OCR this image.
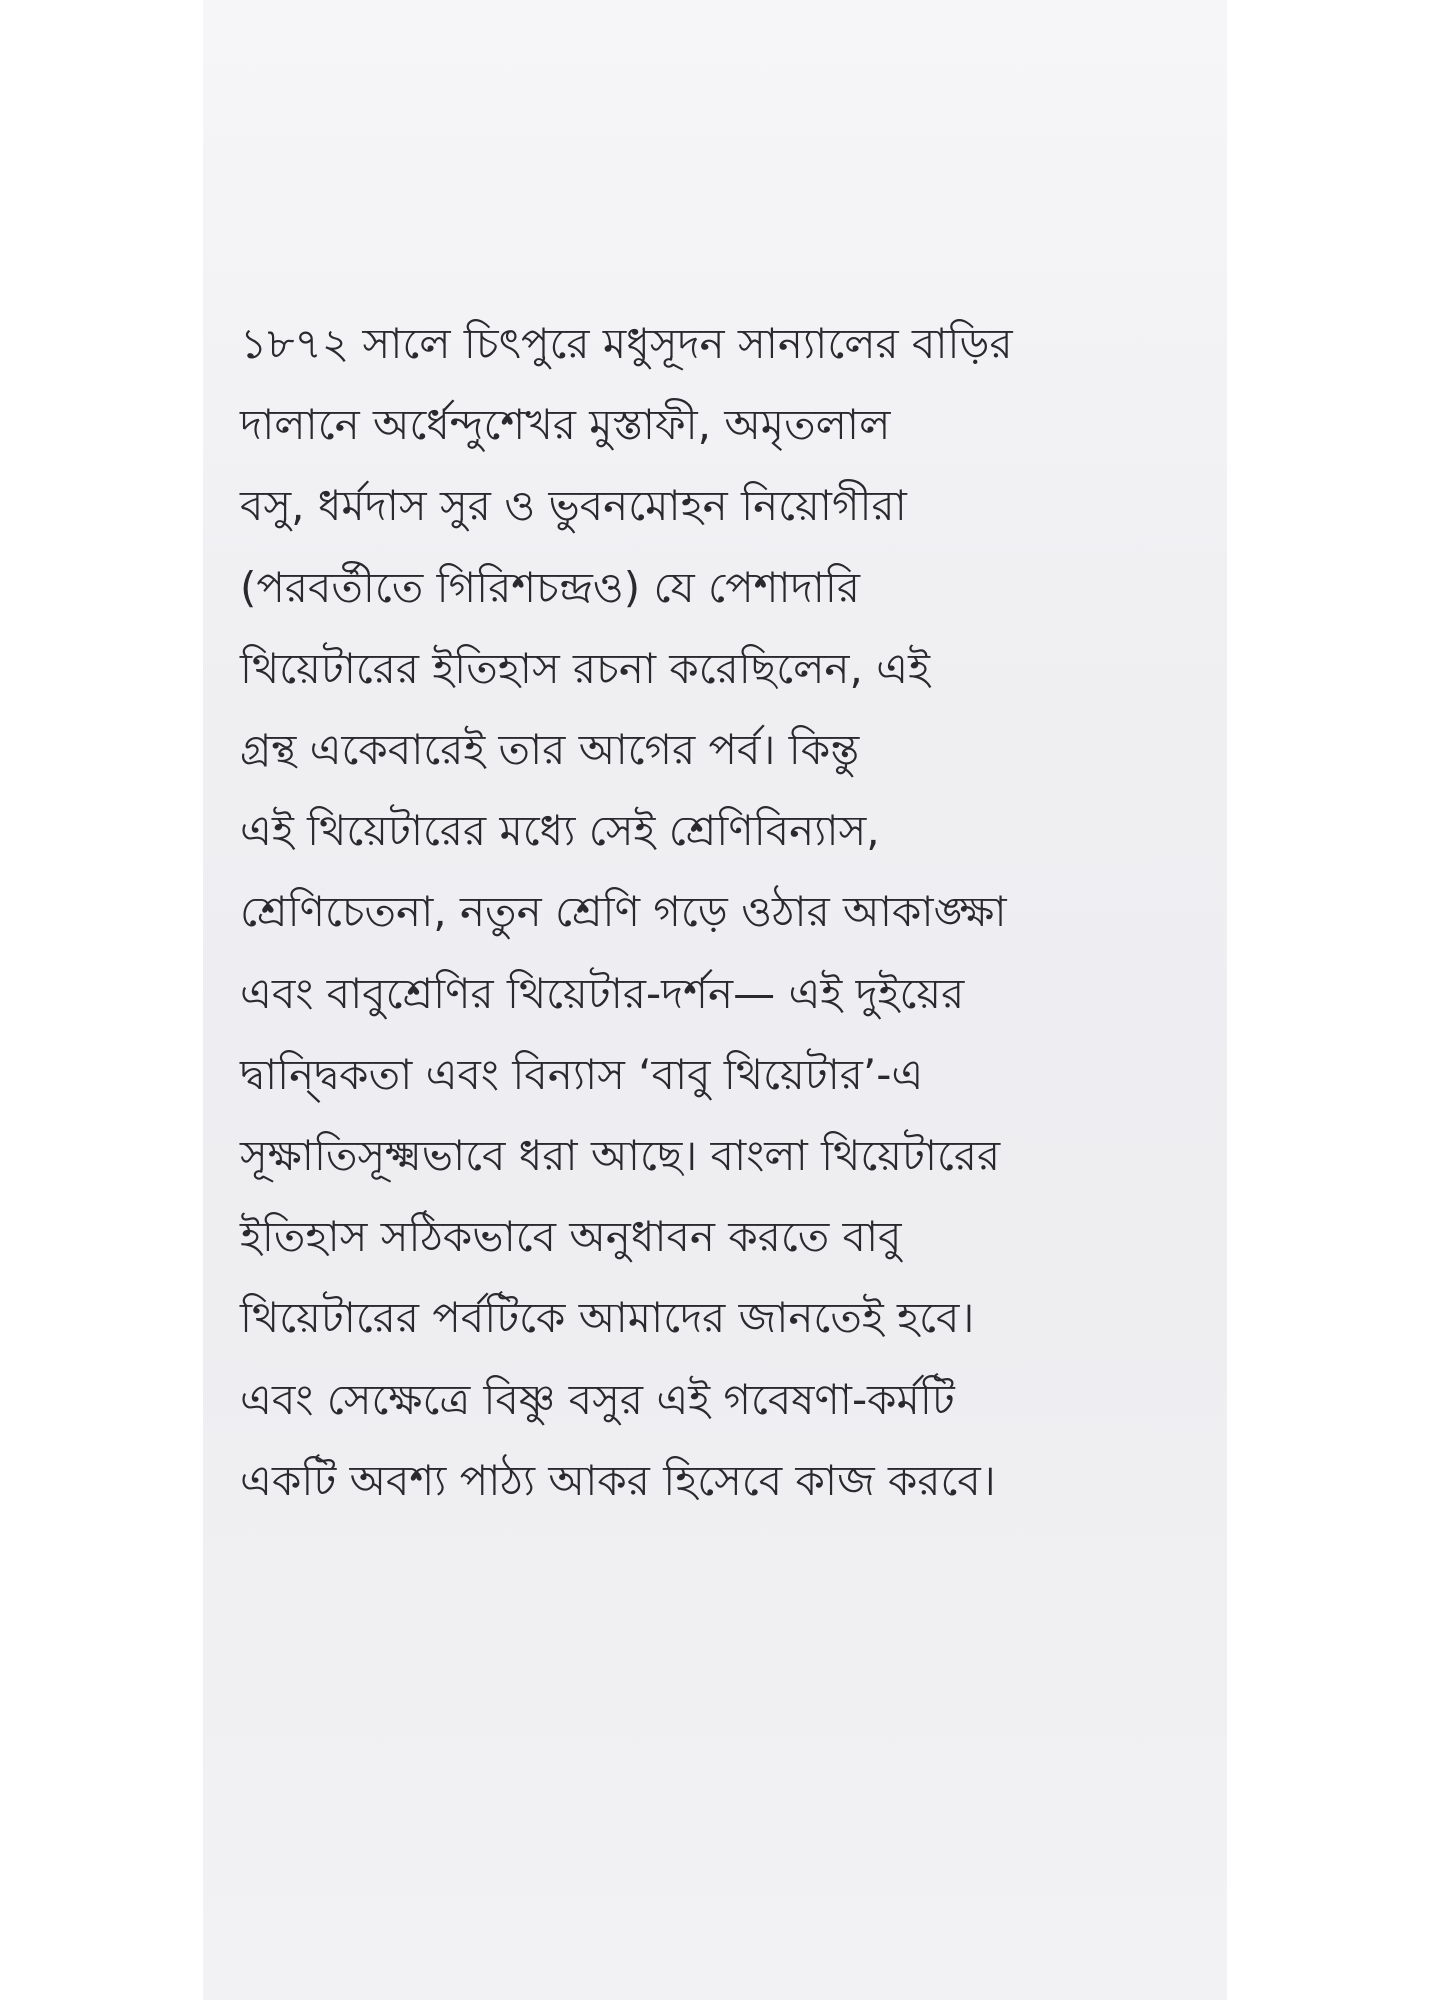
১৮৭২ সালে চিৎপুরে মধুসূদন সান্যালের বাড়ির
দালানে অর্ধেন্দুশেখর মুস্তাফী, অমৃতলাল
বসু, ধর্মদাস সুর ও ভুবনমোহন নিয়োগীরা
(পরবর্তীতে গিরিশচন্দ্রও) যে পেশাদারি
থিয়েটারের ইতিহাস রচনা করেছিলেন, এই
গ্রন্থ একেবারেই তার আগের পর্ব। কিন্তু
এই থিয়েটারের মধ্যে সেই শ্রেণিবিন্যাস,
শ্রেণিচেতনা, নতুন শ্রেণি গড়ে ওঠার আকাঙ্ক্ষা
এবং বাবুশ্রেণির থিয়েটার-দর্শন— এই দুইয়ের
দ্বান্দ্বিকতা এবং বিন্যাস ‘বাবু থিয়েটার’-এ
সূক্ষাতিসূক্ষ্মভাবে ধরা আছে। বাংলা থিয়েটারের
ইতিহাস সঠিকভাবে অনুধাবন করতে বাবু
থিয়েটারের পর্বটিকে আমাদের জানতেই হবে।
এবং সেক্ষেত্রে বিষ্ণু বসুর এই গবেষণা-কর্মটি
একটি অবশ্য পাঠ্য আকর হিসেবে কাজ করবে।
